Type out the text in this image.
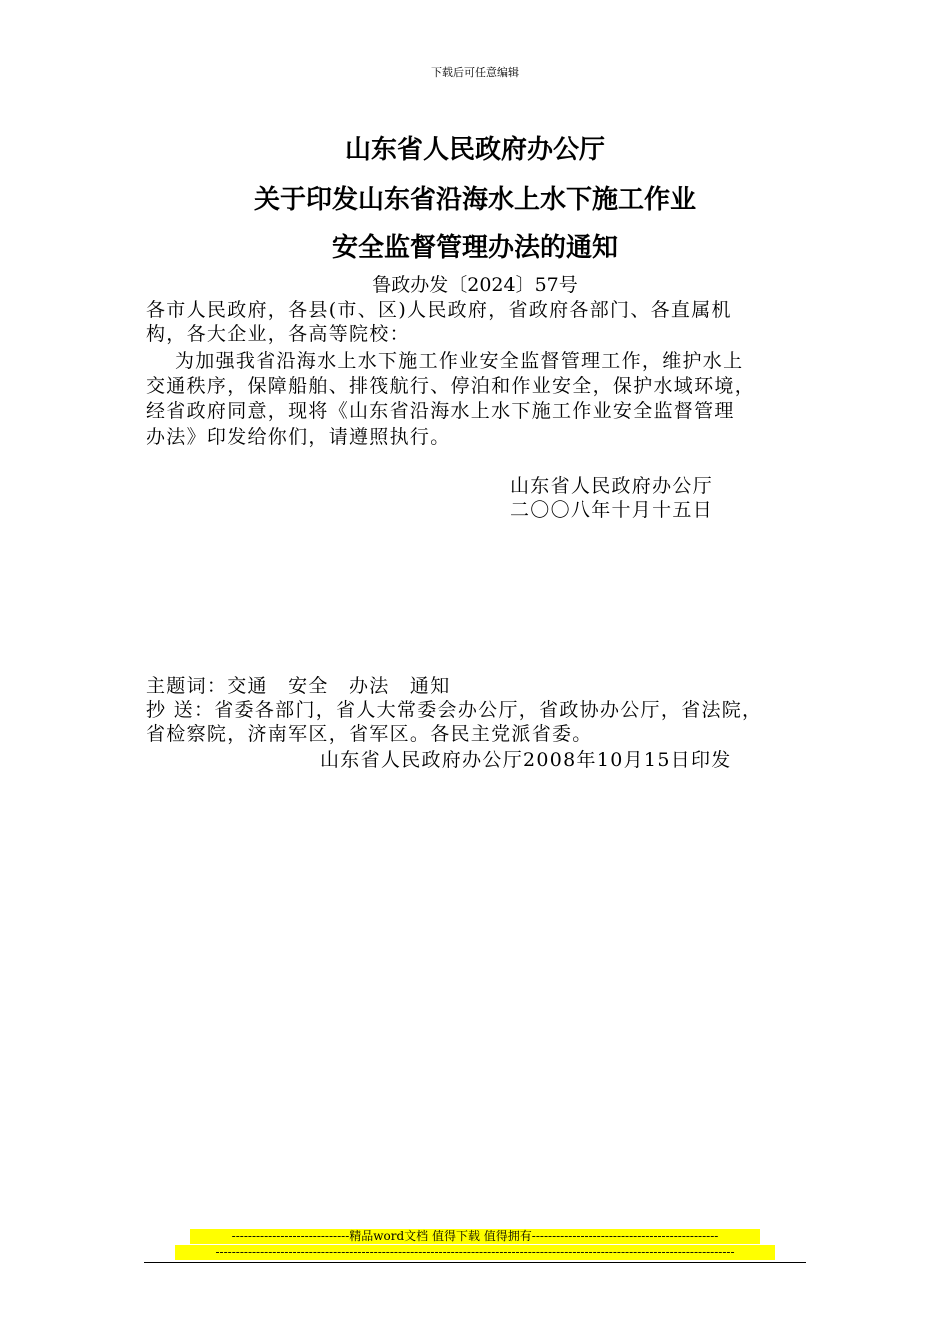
下载后可任意编辑
山东省人民政府办公厅
关于印发山东省沿海水上水下施工作业
安全监督管理办法的通知
鲁政办发〔2024〕57号
各市人民政府，各县(市、区)人民政府，省政府各部门、各直属机
构，各大企业，各高等院校：
为加强我省沿海水上水下施工作业安全监督管理工作，维护水上
交通秩序，保障船舶、排筏航行、停泊和作业安全，保护水域环境，
经省政府同意，现将《山东省沿海水上水下施工作业安全监督管理
办法》印发给你们，请遵照执行。
山东省人民政府办公厅
二〇〇八年十月十五日
主题词：交通　安全　办法　通知
抄 送：省委各部门，省人大常委会办公厅，省政协办公厅，省法院，
省检察院，济南军区，省军区。各民主党派省委。
山东省人民政府办公厅2008年10月15日印发
-----------------------------精品word文档 值得下载 值得拥有----------------------------------------------
--------------------------------------------------------------------------------------------------------------------------------
